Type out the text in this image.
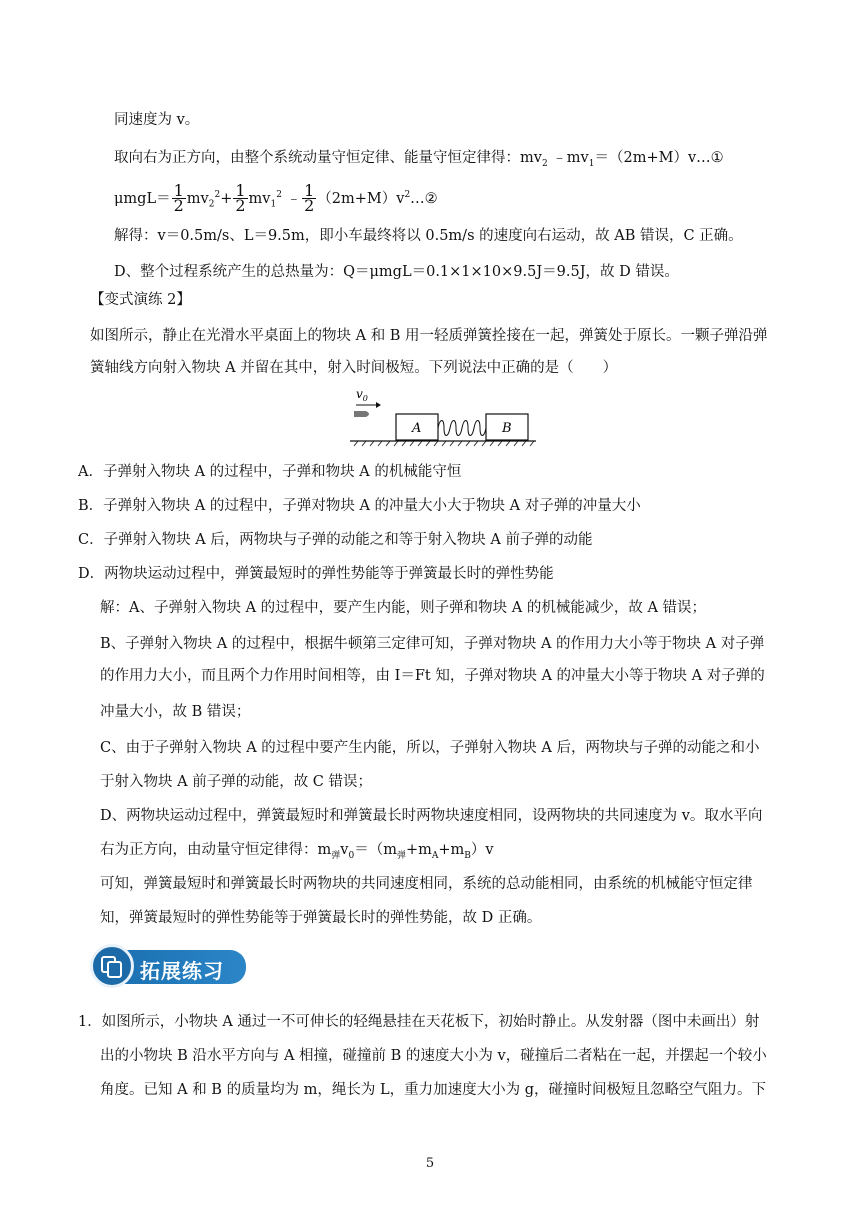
同速度为 v。
取向右为正方向，由整个系统动量守恒定律、能量守恒定律得：$mv_2$ $﹣mv_1=(2m+M)v\dots ①$
$\mu mgL= \frac{1}{2} mv_2^2+ \frac{1}{2} mv_1^2$ ﹣ $\frac{1}{2}$ $(2m+M)v^2\dots ②$
解得：v＝0.5m/s、L＝9.5m，即小车最终将以 0.5m/s 的速度向右运动，故 AB 错误，C 正确。
D、整个过程系统产生的总热量为：Q＝μmgL＝0.1×1×10×9.5J＝9.5J，故 D 错误。
【变式演练 2】
如图所示，静止在光滑水平桌面上的物块 A 和 B 用一轻质弹簧拴接在一起，弹簧处于原长。一颗子弹沿弹
簧轴线方向射入物块 A 并留在其中，射入时间极短。下列说法中正确的是（　　）
$v_0$
A	B
A．子弹射入物块 A 的过程中，子弹和物块 A 的机械能守恒
B．子弹射入物块 A 的过程中，子弹对物块 A 的冲量大小大于物块 A 对子弹的冲量大小
C．子弹射入物块 A 后，两物块与子弹的动能之和等于射入物块 A 前子弹的动能
D．两物块运动过程中，弹簧最短时的弹性势能等于弹簧最长时的弹性势能
解：A、子弹射入物块 A 的过程中，要产生内能，则子弹和物块 A 的机械能减少，故 A 错误；
B、子弹射入物块 A 的过程中，根据牛顿第三定律可知，子弹对物块 A 的作用力大小等于物块 A 对子弹
的作用力大小，而且两个力作用时间相等，由 I＝Ft 知，子弹对物块 A 的冲量大小等于物块 A 对子弹的
冲量大小，故 B 错误；
C、由于子弹射入物块 A 的过程中要产生内能，所以，子弹射入物块 A 后，两物块与子弹的动能之和小
于射入物块 A 前子弹的动能，故 C 错误；
D、两物块运动过程中，弹簧最短时和弹簧最长时两物块速度相同，设两物块的共同速度为 v。取水平向
右为正方向，由动量守恒定律得：$m_弹v_0=(m_弹+m_A+m_B)v$
可知，弹簧最短时和弹簧最长时两物块的共同速度相同，系统的总动能相同，由系统的机械能守恒定律
知，弹簧最短时的弹性势能等于弹簧最长时的弹性势能，故 D 正确。
拓展练习
1．如图所示，小物块 A 通过一不可伸长的轻绳悬挂在天花板下，初始时静止。从发射器（图中未画出）射
出的小物块 B 沿水平方向与 A 相撞，碰撞前 B 的速度大小为 v，碰撞后二者粘在一起，并摆起一个较小
角度。已知 A 和 B 的质量均为 m，绳长为 L，重力加速度大小为 g，碰撞时间极短且忽略空气阻力。下
5
